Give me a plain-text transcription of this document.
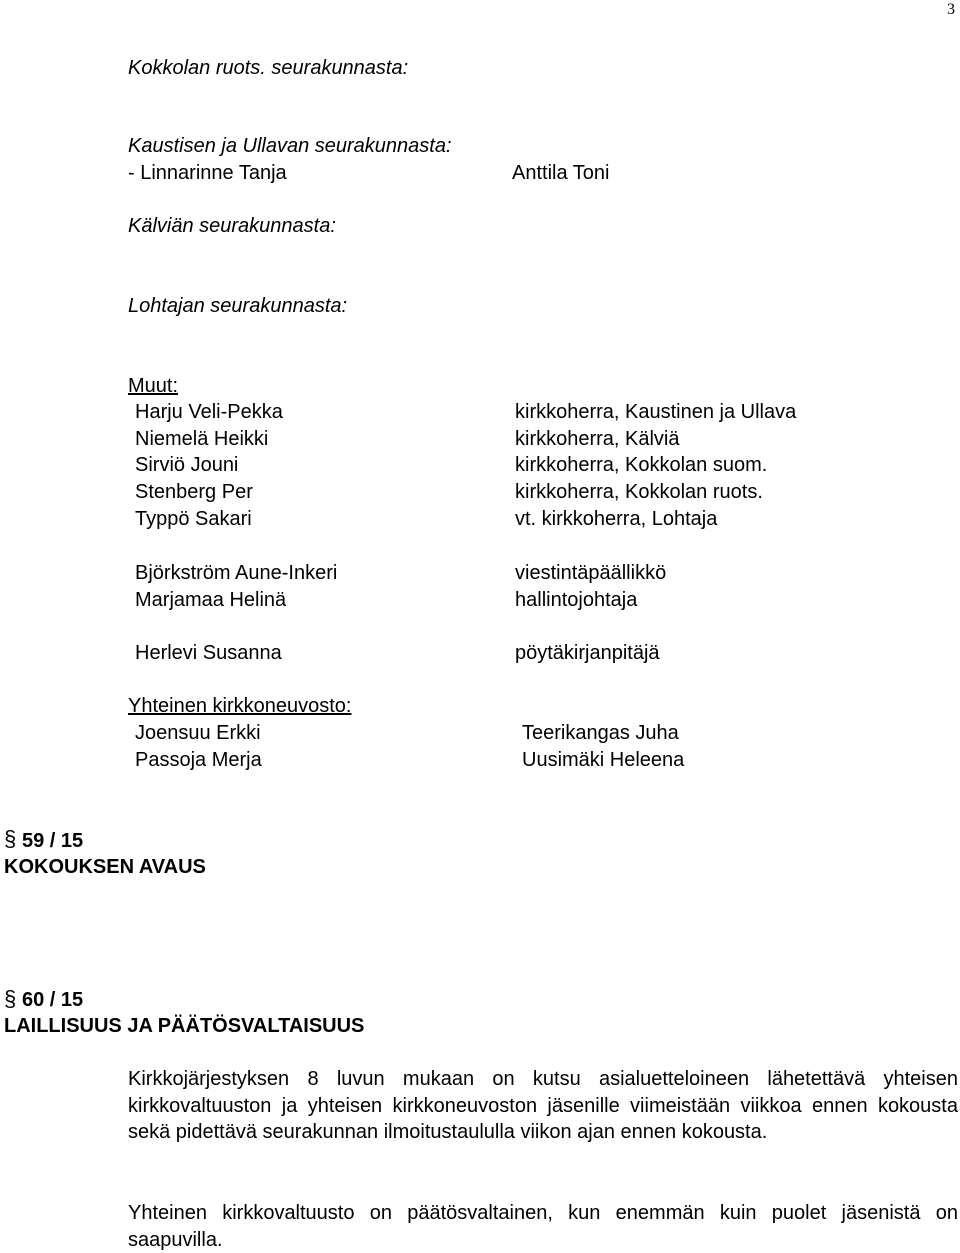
3
Kokkolan ruots. seurakunnasta:
Kaustisen ja Ullavan seurakunnasta:
- Linnarinne Tanja	Anttila Toni
Kälviän seurakunnasta:
Lohtajan seurakunnasta:
Muut:
Harju Veli-Pekka
Niemelä Heikki
Sirviö Jouni
Stenberg Per
Typpö Sakari
kirkkoherra, Kaustinen ja Ullava
kirkkoherra, Kälviä
kirkkoherra, Kokkolan suom.
kirkkoherra, Kokkolan ruots.
vt. kirkkoherra, Lohtaja
Björkström Aune-Inkeri
Marjamaa Helinä
viestintäpäällikkö
hallintojohtaja
Herlevi Susanna	pöytäkirjanpitäjä
Yhteinen kirkkoneuvosto:
Joensuu Erkki
Passoja Merja
Teerikangas Juha
Uusimäki Heleena
§ 59 / 15
KOKOUKSEN AVAUS
§ 60 / 15
LAILLISUUS JA PÄÄTÖSVALTAISUUS
Kirkkojärjestyksen 8 luvun mukaan on kutsu asialuetteloineen lähetettävä yhteisen kirkkovaltuuston ja yhteisen kirkkoneuvoston jäsenille viimeistään viikkoa ennen kokousta sekä pidettävä seurakunnan ilmoitustaululla viikon ajan ennen kokousta.
Yhteinen kirkkovaltuusto on päätösvaltainen, kun enemmän kuin puolet jäsenistä on saapuvilla.
